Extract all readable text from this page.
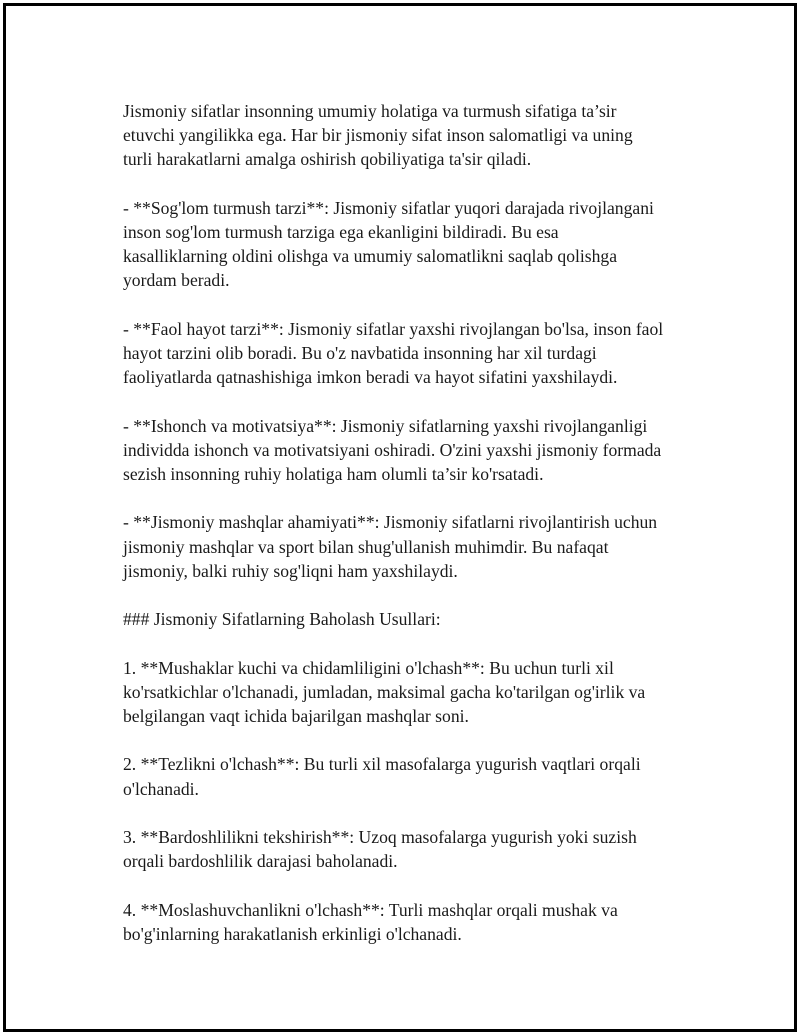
Jismoniy sifatlar insonning umumiy holatiga va turmush sifatiga ta’sir
etuvchi yangilikka ega. Har bir jismoniy sifat inson salomatligi va uning
turli harakatlarni amalga oshirish qobiliyatiga ta'sir qiladi.

- **Sog'lom turmush tarzi**: Jismoniy sifatlar yuqori darajada rivojlangani
inson sog'lom turmush tarziga ega ekanligini bildiradi. Bu esa
kasalliklarning oldini olishga va umumiy salomatlikni saqlab qolishga
yordam beradi.

- **Faol hayot tarzi**: Jismoniy sifatlar yaxshi rivojlangan bo'lsa, inson faol
hayot tarzini olib boradi. Bu o'z navbatida insonning har xil turdagi
faoliyatlarda qatnashishiga imkon beradi va hayot sifatini yaxshilaydi.

- **Ishonch va motivatsiya**: Jismoniy sifatlarning yaxshi rivojlanganligi
individda ishonch va motivatsiyani oshiradi. O'zini yaxshi jismoniy formada
sezish insonning ruhiy holatiga ham olumli ta’sir ko'rsatadi.

- **Jismoniy mashqlar ahamiyati**: Jismoniy sifatlarni rivojlantirish uchun
jismoniy mashqlar va sport bilan shug'ullanish muhimdir. Bu nafaqat
jismoniy, balki ruhiy sog'liqni ham yaxshilaydi.

### Jismoniy Sifatlarning Baholash Usullari:

1. **Mushaklar kuchi va chidamliligini o'lchash**: Bu uchun turli xil
ko'rsatkichlar o'lchanadi, jumladan, maksimal gacha ko'tarilgan og'irlik va
belgilangan vaqt ichida bajarilgan mashqlar soni.

2. **Tezlikni o'lchash**: Bu turli xil masofalarga yugurish vaqtlari orqali
o'lchanadi.

3. **Bardoshlilikni tekshirish**: Uzoq masofalarga yugurish yoki suzish
orqali bardoshlilik darajasi baholanadi.

4. **Moslashuvchanlikni o'lchash**: Turli mashqlar orqali mushak va
bo'g'inlarning harakatlanish erkinligi o'lchanadi.
